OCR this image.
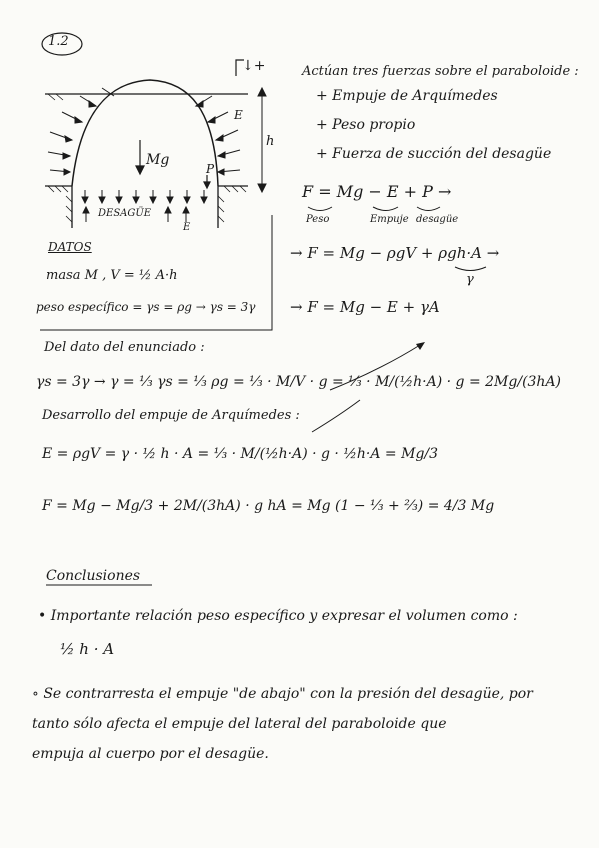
1.2
↓+
h
E
Mg
P
DESAGÜE
E
DATOS
masa M , V = ½ A·h
peso específico = γs = ρg → γs = 3γ
Actúan tres fuerzas sobre el paraboloide :
+ Empuje de Arquímedes
+ Peso propio
+ Fuerza de succión del desagüe
F = Mg − E + P →
Peso	Empuje desagüe
→ F = Mg − ρgV + ρgh·A →
γ
→ F = Mg − E + γA
Del dato del enunciado :
γs = 3γ → γ = ⅓ γs = ⅓ ρg = ⅓ · M/V · g = ⅓ · M/(½h·A) · g = 2Mg/(3hA)
Desarrollo del empuje de Arquímedes :
E = ρgV = γ · ½ h · A = ⅓ · M/(½h·A) · g · ½h·A = Mg/3
F = Mg − Mg/3 + 2M/(3hA) · g hA = Mg (1 − ⅓ + ⅔) = 4/3 Mg
Conclusiones
• Importante relación peso específico y expresar el volumen como :
½ h · A
∘ Se contrarresta el empuje "de abajo" con la presión del desagüe, por
tanto sólo afecta el empuje del lateral del paraboloide que
empuja al cuerpo por el desagüe.
